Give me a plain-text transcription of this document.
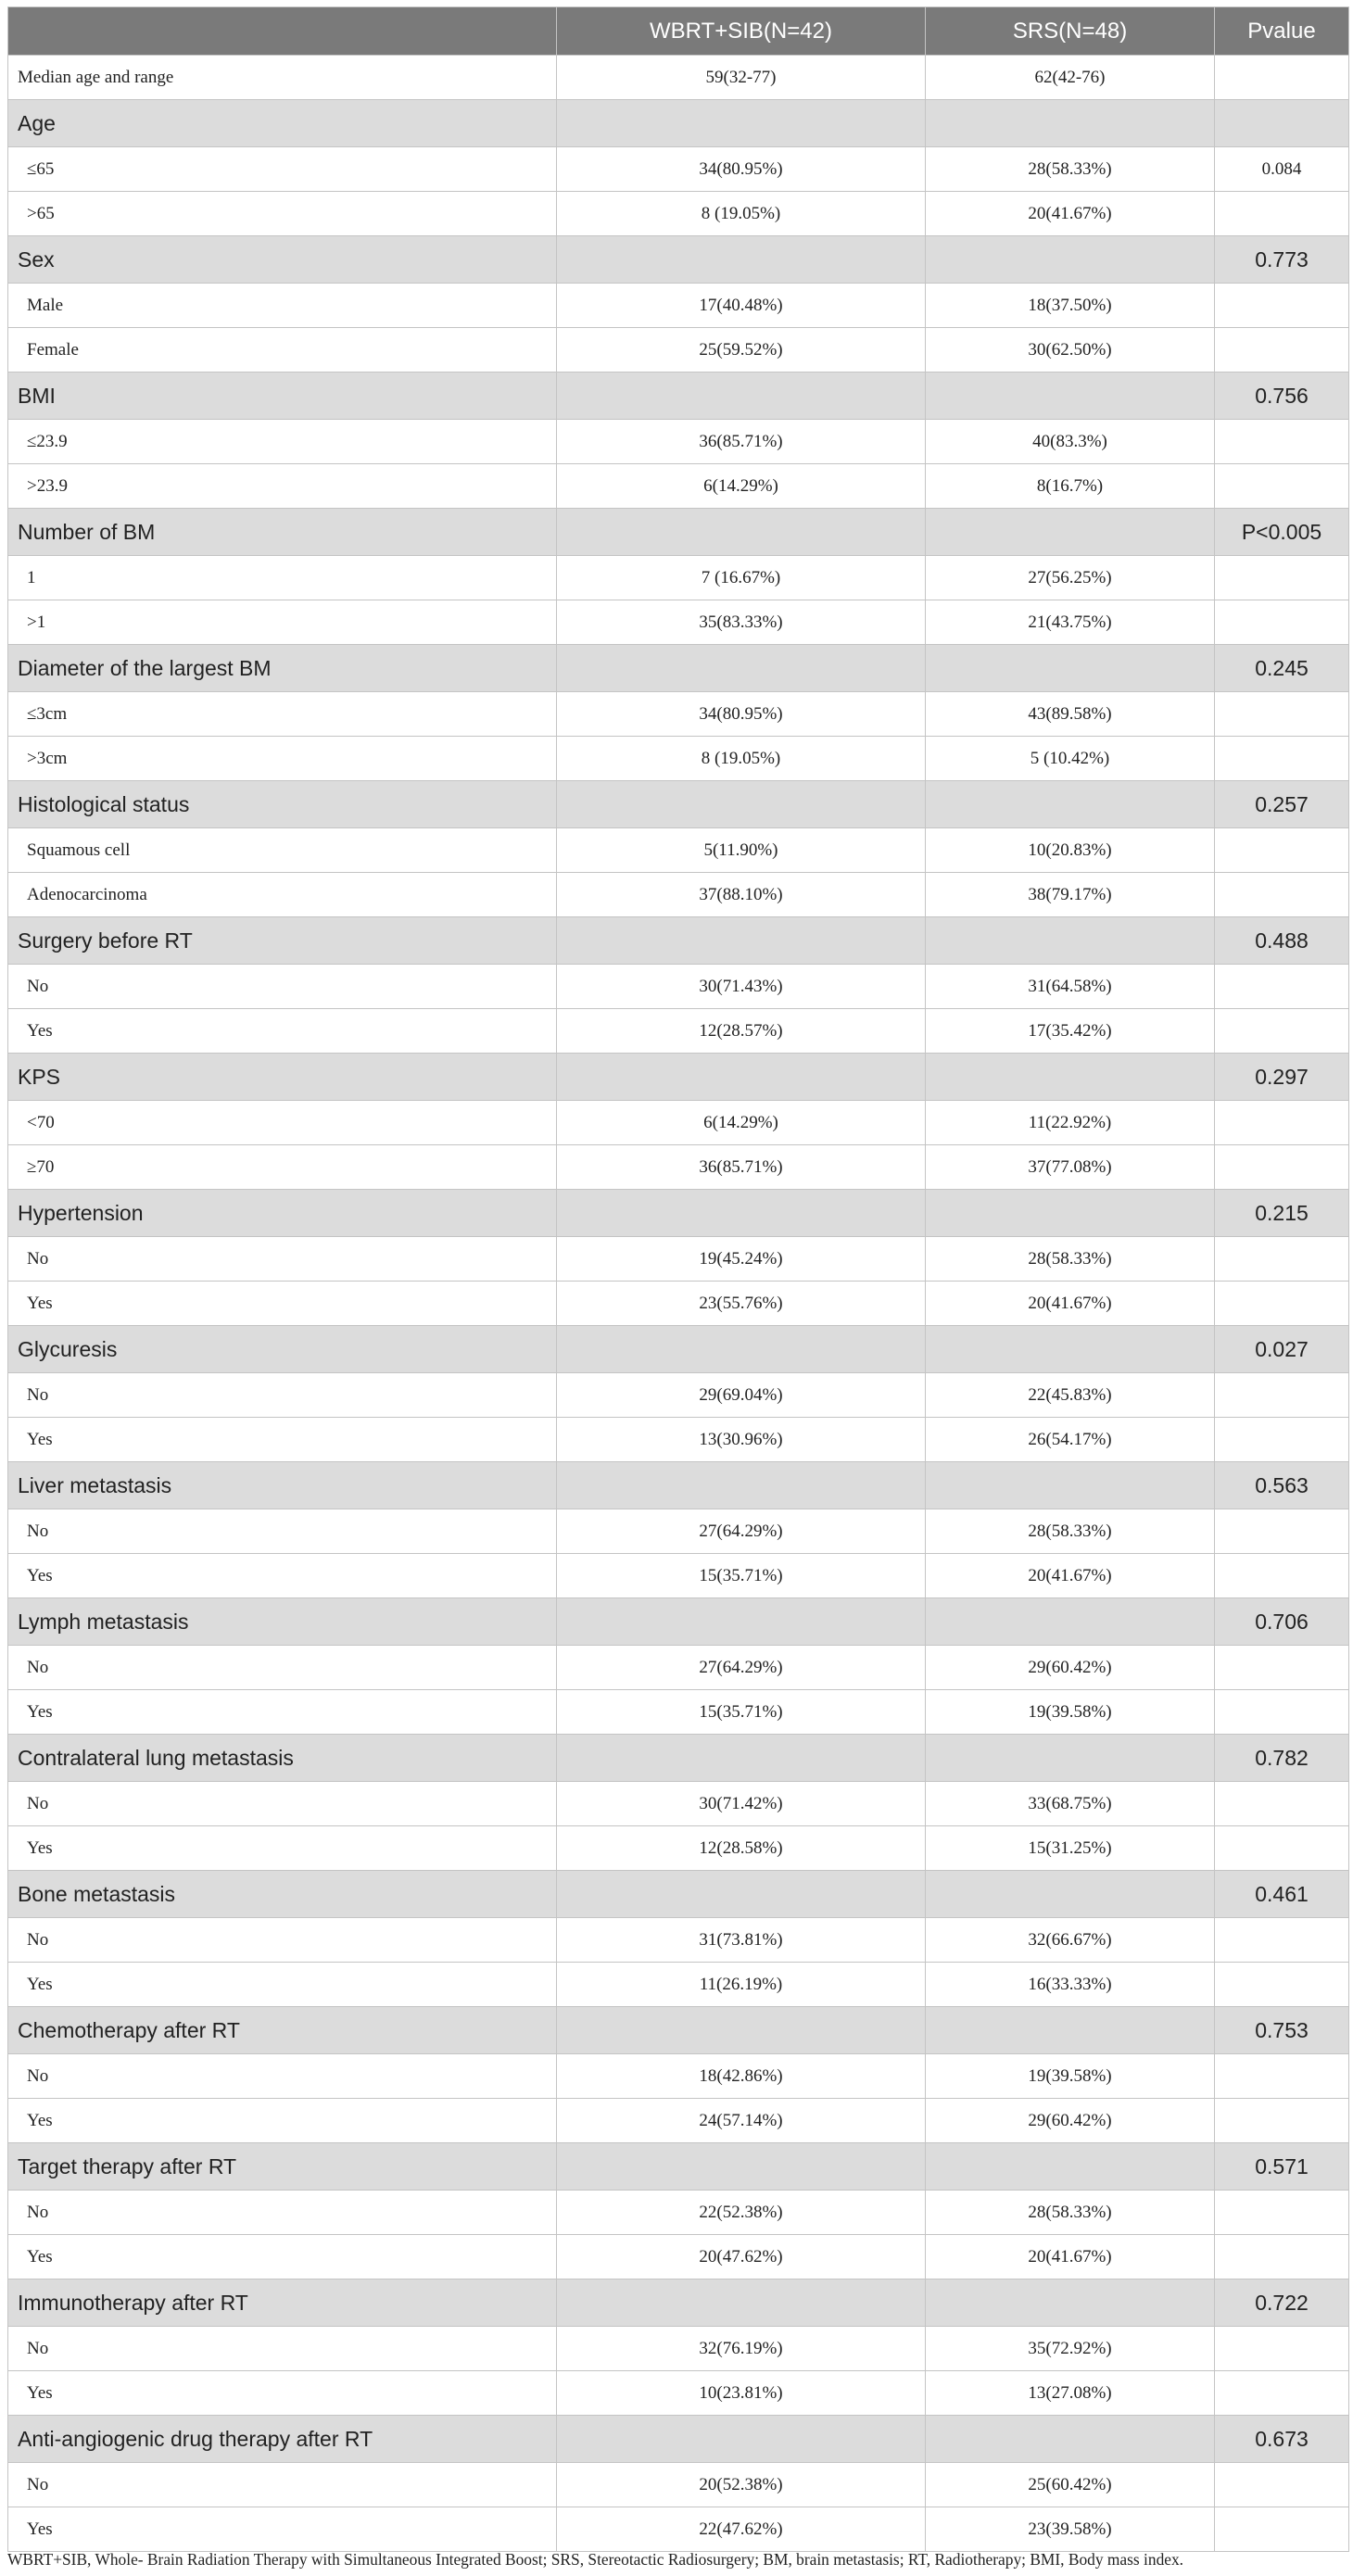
	WBRT+SIB(N=42)	SRS(N=48)	Pvalue
Median age and range	59(32-77)	62(42-76)	
Age			
≤65	34(80.95%)	28(58.33%)	0.084
>65	8 (19.05%)	20(41.67%)	
Sex			0.773
Male	17(40.48%)	18(37.50%)	
Female	25(59.52%)	30(62.50%)	
BMI			0.756
≤23.9	36(85.71%)	40(83.3%)	
>23.9	6(14.29%)	8(16.7%)	
Number of BM			P<0.005
1	7 (16.67%)	27(56.25%)	
>1	35(83.33%)	21(43.75%)	
Diameter of the largest BM			0.245
≤3cm	34(80.95%)	43(89.58%)	
>3cm	8 (19.05%)	5 (10.42%)	
Histological status			0.257
Squamous cell	5(11.90%)	10(20.83%)	
Adenocarcinoma	37(88.10%)	38(79.17%)	
Surgery before RT			0.488
No	30(71.43%)	31(64.58%)	
Yes	12(28.57%)	17(35.42%)	
KPS			0.297
<70	6(14.29%)	11(22.92%)	
≥70	36(85.71%)	37(77.08%)	
Hypertension			0.215
No	19(45.24%)	28(58.33%)	
Yes	23(55.76%)	20(41.67%)	
Glycuresis			0.027
No	29(69.04%)	22(45.83%)	
Yes	13(30.96%)	26(54.17%)	
Liver metastasis			0.563
No	27(64.29%)	28(58.33%)	
Yes	15(35.71%)	20(41.67%)	
Lymph metastasis			0.706
No	27(64.29%)	29(60.42%)	
Yes	15(35.71%)	19(39.58%)	
Contralateral lung metastasis			0.782
No	30(71.42%)	33(68.75%)	
Yes	12(28.58%)	15(31.25%)	
Bone metastasis			0.461
No	31(73.81%)	32(66.67%)	
Yes	11(26.19%)	16(33.33%)	
Chemotherapy after RT			0.753
No	18(42.86%)	19(39.58%)	
Yes	24(57.14%)	29(60.42%)	
Target therapy after RT			0.571
No	22(52.38%)	28(58.33%)	
Yes	20(47.62%)	20(41.67%)	
Immunotherapy after RT			0.722
No	32(76.19%)	35(72.92%)	
Yes	10(23.81%)	13(27.08%)	
Anti-angiogenic drug therapy after RT			0.673
No	20(52.38%)	25(60.42%)	
Yes	22(47.62%)	23(39.58%)	
WBRT+SIB, Whole- Brain Radiation Therapy with Simultaneous Integrated Boost; SRS, Stereotactic Radiosurgery; BM, brain metastasis; RT, Radiotherapy; BMI, Body mass index.
